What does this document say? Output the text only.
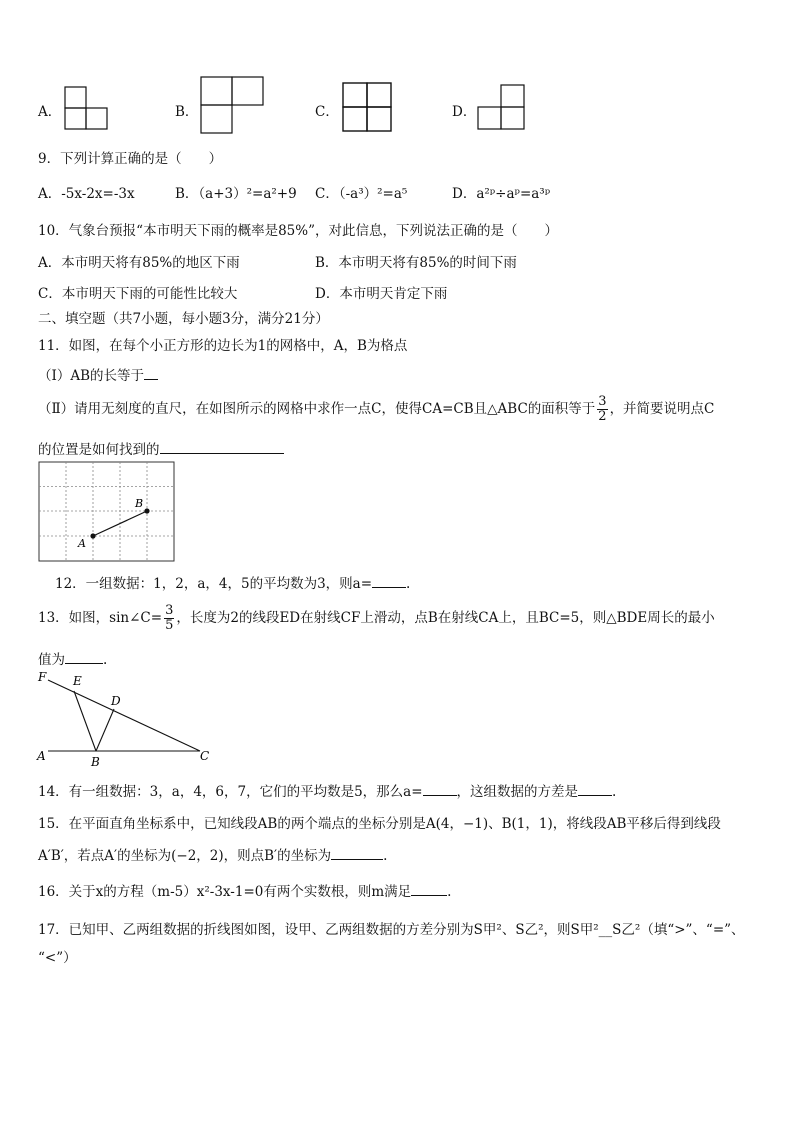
A．	B．	C．	D．
9．下列计算正确的是（　　）
A．-5x-2x=-3x	B．（a+3）²=a²+9 C．（-a³）²=a⁵	D．a²ᵖ÷aᵖ=a³ᵖ
10．气象台预报“本市明天下雨的概率是85%”，对此信息，下列说法正确的是（　　）
A．本市明天将有85%的地区下雨	B．本市明天将有85%的时间下雨
C．本市明天下雨的可能性比较大	D．本市明天肯定下雨
二、填空题（共7小题，每小题3分，满分21分）
11．如图，在每个小正方形的边长为1的网格中，A，B为格点
（Ⅰ）AB的长等于
（Ⅱ）请用无刻度的直尺，在如图所示的网格中求作一点C，使得CA=CB且△ABC的面积等于 $\frac{3}{2}$ ，并简要说明点C
的位置是如何找到的
A
B
12．一组数据：1，2，a，4，5的平均数为3，则a=	.
13．如图，sin∠C= $\frac{3}{5}$ ，长度为2的线段ED在射线CF上滑动，点B在射线CA上，且BC=5，则△BDE周长的最小
值为	.
F E
D
A	B	C
14．有一组数据：3，a，4，6，7，它们的平均数是5，那么a=	，这组数据的方差是	.
15．在平面直角坐标系中，已知线段AB的两个端点的坐标分别是A(4，−1)、B(1，1)，将线段AB平移后得到线段
A′B′，若点A′的坐标为(−2，2)，则点B′的坐标为	.
16．关于x的方程（m-5）x²-3x-1=0有两个实数根，则m满足	.
17．已知甲、乙两组数据的折线图如图，设甲、乙两组数据的方差分别为S甲²、S乙²，则S甲²__S乙²（填“>”、“=”、
“<”）
